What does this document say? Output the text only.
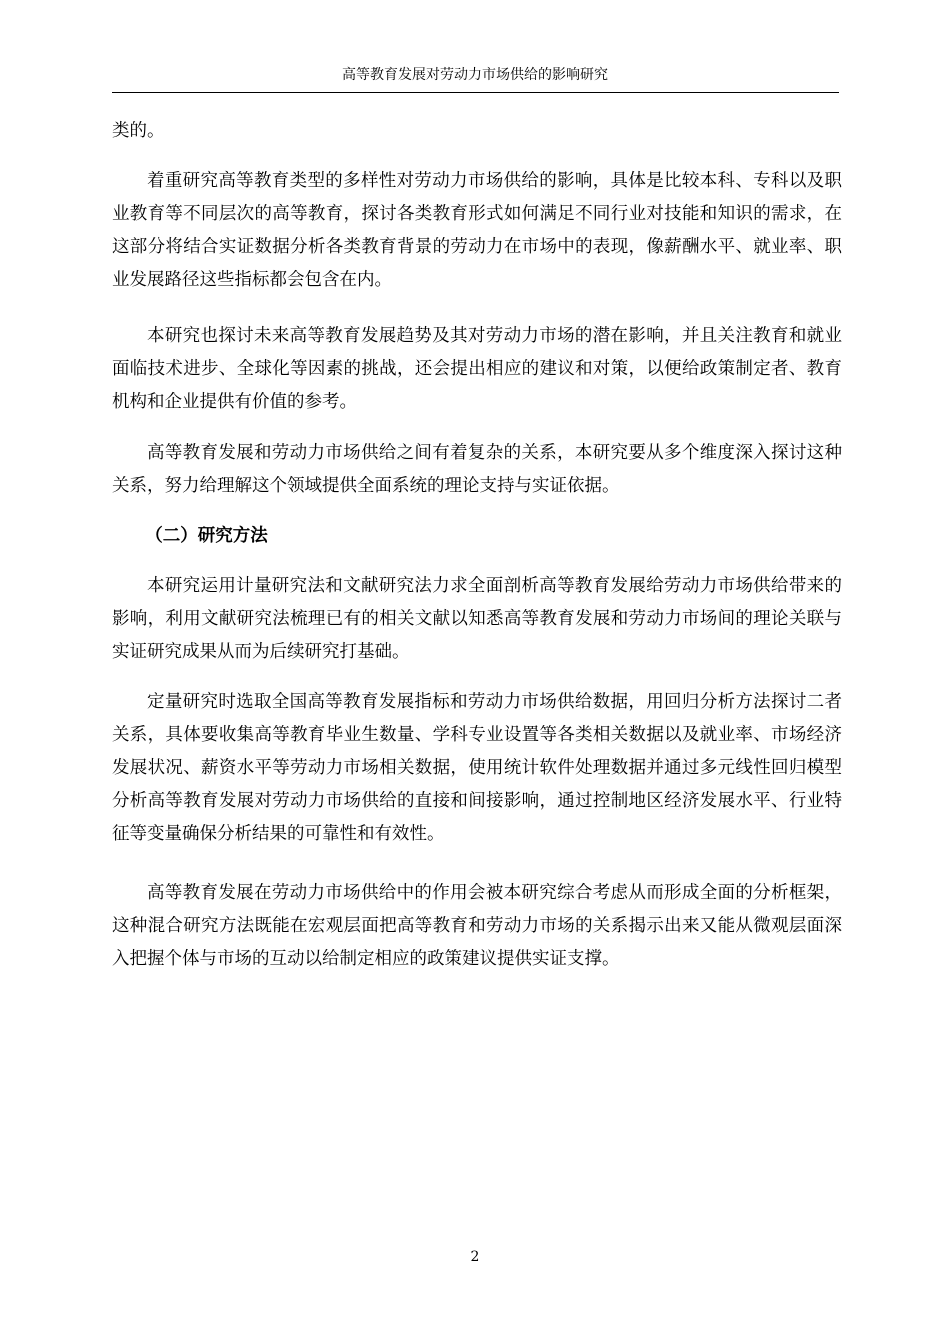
高等教育发展对劳动力市场供给的影响研究

类的。

着重研究高等教育类型的多样性对劳动力市场供给的影响，具体是比较本科、专科以及职业教育等不同层次的高等教育，探讨各类教育形式如何满足不同行业对技能和知识的需求，在这部分将结合实证数据分析各类教育背景的劳动力在市场中的表现，像薪酬水平、就业率、职业发展路径这些指标都会包含在内。

本研究也探讨未来高等教育发展趋势及其对劳动力市场的潜在影响，并且关注教育和就业面临技术进步、全球化等因素的挑战，还会提出相应的建议和对策，以便给政策制定者、教育机构和企业提供有价值的参考。

高等教育发展和劳动力市场供给之间有着复杂的关系，本研究要从多个维度深入探讨这种关系，努力给理解这个领域提供全面系统的理论支持与实证依据。

（二）研究方法

本研究运用计量研究法和文献研究法力求全面剖析高等教育发展给劳动力市场供给带来的影响，利用文献研究法梳理已有的相关文献以知悉高等教育发展和劳动力市场间的理论关联与实证研究成果从而为后续研究打基础。

定量研究时选取全国高等教育发展指标和劳动力市场供给数据，用回归分析方法探讨二者关系，具体要收集高等教育毕业生数量、学科专业设置等各类相关数据以及就业率、市场经济发展状况、薪资水平等劳动力市场相关数据，使用统计软件处理数据并通过多元线性回归模型分析高等教育发展对劳动力市场供给的直接和间接影响，通过控制地区经济发展水平、行业特征等变量确保分析结果的可靠性和有效性。

高等教育发展在劳动力市场供给中的作用会被本研究综合考虑从而形成全面的分析框架，这种混合研究方法既能在宏观层面把高等教育和劳动力市场的关系揭示出来又能从微观层面深入把握个体与市场的互动以给制定相应的政策建议提供实证支撑。

2
